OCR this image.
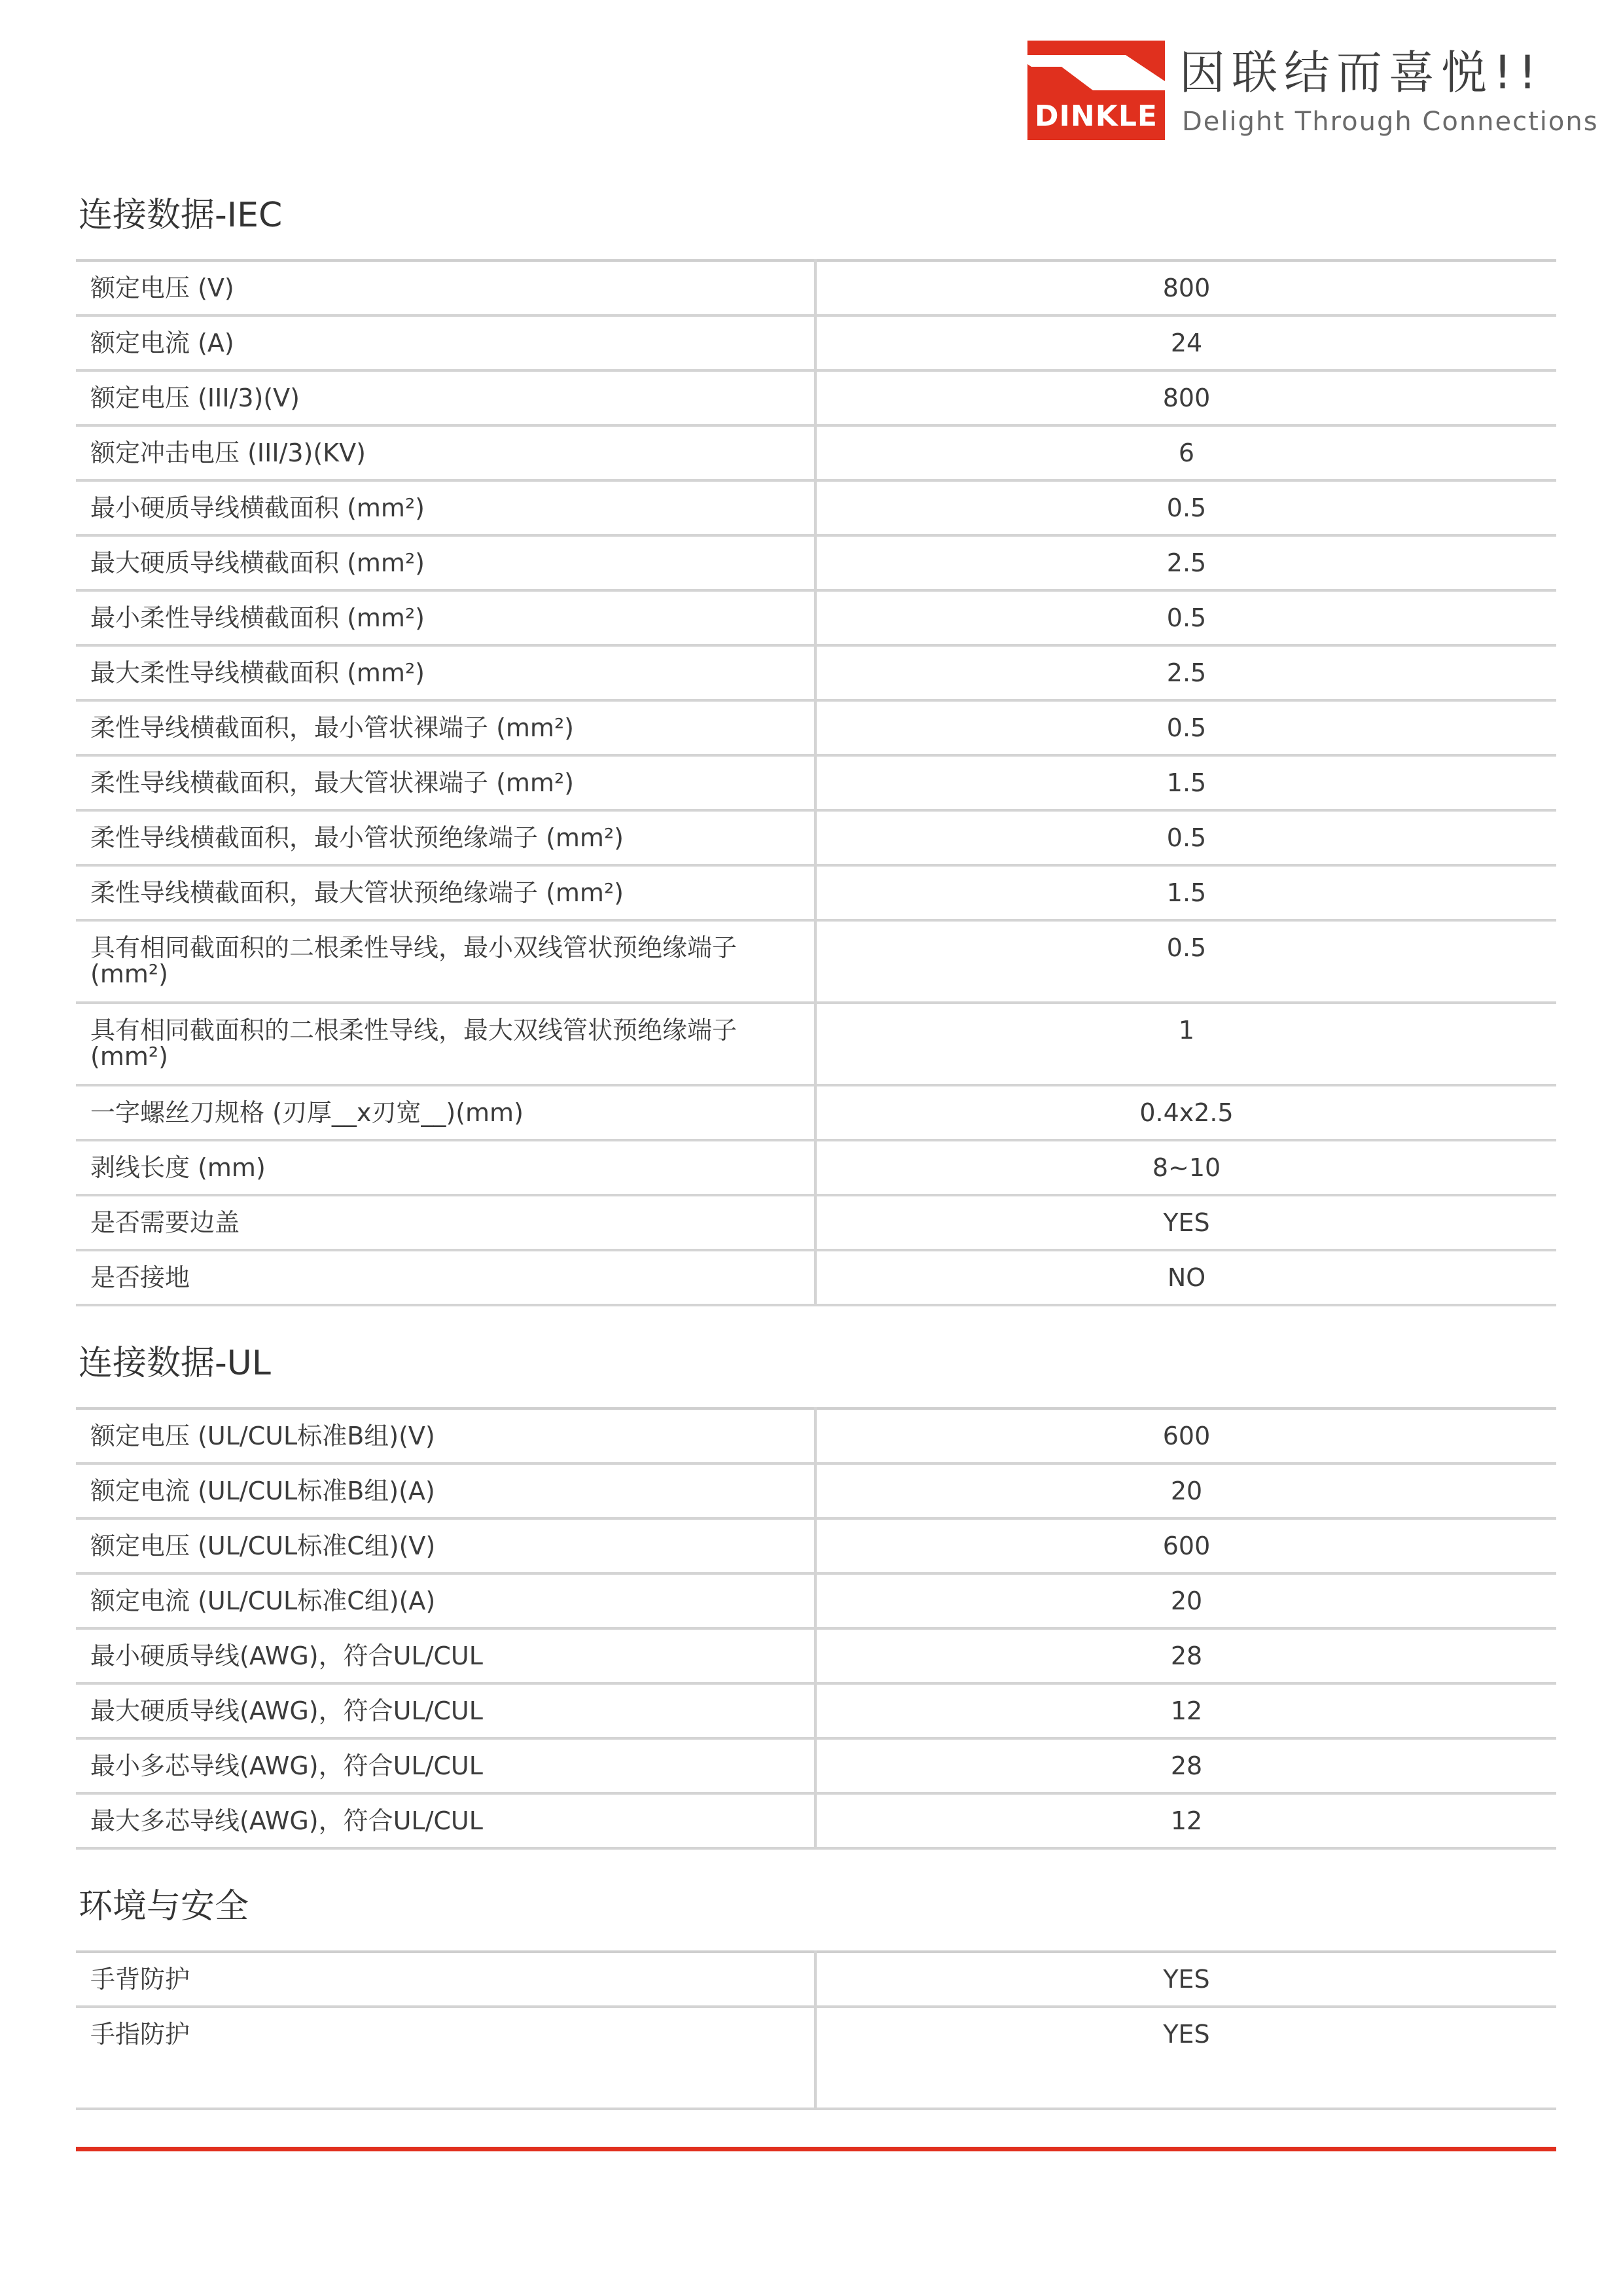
DINKLE
因联结而喜悦!!
Delight Through Connections
连接数据-IEC
额定电压 (V)	800
额定电流 (A)	24
额定电压 (III/3)(V)	800
额定冲击电压 (III/3)(KV)	6
最小硬质导线横截面积 (mm²)	0.5
最大硬质导线横截面积 (mm²)	2.5
最小柔性导线横截面积 (mm²)	0.5
最大柔性导线横截面积 (mm²)	2.5
柔性导线横截面积，最小管状裸端子 (mm²)	0.5
柔性导线横截面积，最大管状裸端子 (mm²)	1.5
柔性导线横截面积，最小管状预绝缘端子 (mm²)	0.5
柔性导线横截面积，最大管状预绝缘端子 (mm²)	1.5
具有相同截面积的二根柔性导线，最小双线管状预绝缘端子 (mm²)	0.5
具有相同截面积的二根柔性导线，最大双线管状预绝缘端子 (mm²)	1
一字螺丝刀规格 (刃厚__x刃宽__)(mm)	0.4x2.5
剥线长度 (mm)	8~10
是否需要边盖	YES
是否接地	NO
连接数据-UL
额定电压 (UL/CUL标准B组)(V)	600
额定电流 (UL/CUL标准B组)(A)	20
额定电压 (UL/CUL标准C组)(V)	600
额定电流 (UL/CUL标准C组)(A)	20
最小硬质导线(AWG)，符合UL/CUL	28
最大硬质导线(AWG)，符合UL/CUL	12
最小多芯导线(AWG)，符合UL/CUL	28
最大多芯导线(AWG)，符合UL/CUL	12
环境与安全
手背防护	YES
手指防护	YES
